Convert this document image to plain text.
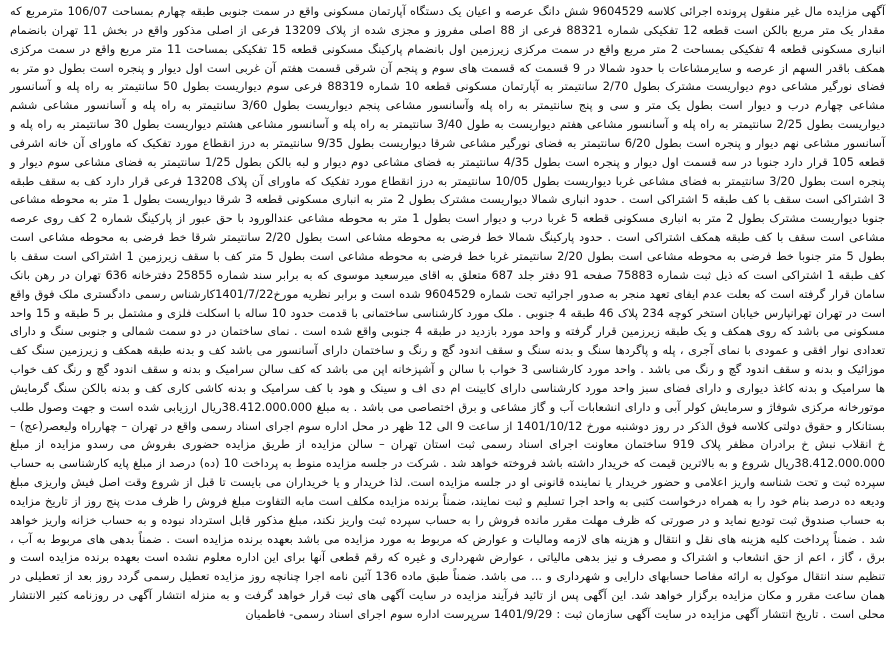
آگهی مزایده مال غیر منقول پرونده اجرائی کلاسه 9604529 شش دانگ عرصه و اعیان یک دستگاه آپارتمان مسکونی واقع در سمت جنوبی طبقه چهارم بمساحت 106/07 مترمربع که مقدار یک متر مربع بالکن است قطعه 12 تفکیکی شماره 88321 فرعی از 88 اصلی مفروز و مجزی شده از پلاک 13209 فرعی از اصلی مذکور واقع در بخش 11 تهران بانضمام انباری مسکونی قطعه 4 تفکیکی بمساحت 2 متر مربع واقع در سمت مرکزی زیرزمین اول بانضمام پارکینگ مسکونی قطعه 15 تفکیکی بمساحت 11 متر مربع واقع در سمت مرکزی همکف باقدر السهم از عرصه و سایرمشاعات با حدود شمالا در 9 قسمت که قسمت های سوم و پنجم آن شرقی قسمت هفتم آن غربی است اول دیوار و پنجره است بطول دو متر به فضای نورگیر مشاعی دوم دیواریست مشترک بطول 2/70 سانتیمتر به آپارتمان مسکونی قطعه 10 شماره 88319 فرعی سوم دیواریست بطول 50 سانتیمتر به راه پله و آسانسور مشاعی چهارم درب و دیوار است بطول یک متر و سی و پنج سانتیمتر به راه پله وآسانسور مشاعی پنجم دیواریست بطول 3/60 سانتیمتر به راه پله و آسانسور مشاعی ششم دیواریست بطول 2/25 سانتیمتر به راه پله و آسانسور مشاعی هفتم دیواریست به طول 3/40 سانتیمتر به راه پله و آسانسور مشاعی هشتم دیواریست بطول 30 سانتیمتر به راه پله و آسانسور مشاعی نهم دیوار و پنجره است بطول 6/20 سانتیمتر به فضای نورگیر مشاعی شرقا دیواریست بطول 9/35 سانتیمتر به درز انقطاع مورد تفکیک که ماورای آن خانه اشرفی قطعه 105 قرار دارد جنوبا در سه قسمت اول دیوار و پنجره است بطول 4/35 سانتیمتر به فضای مشاعی دوم دیوار و لبه بالکن بطول 1/25 سانتیمتر به فضای مشاعی سوم دیوار و پنجره است بطول 3/20 سانتیمتر به فضای مشاعی غربا دیواریست بطول 10/05 سانتیمتر به درز انقطاع مورد تفکیک که ماورای آن پلاک 13208 فرعی قرار دارد کف به سقف طبقه 3 اشتراکی است سقف با کف طبقه 5 اشتراکی است . حدود انباری شمالا دیواریست مشترک بطول 2 متر به انباری مسکونی قطعه 3 شرقا دیواریست بطول 1 متر به محوطه مشاعی جنوبا دیواریست مشترک بطول 2 متر به انباری مسکونی قطعه 5 غربا درب و دیوار است بطول 1 متر به محوطه مشاعی عندالورود با حق عبور از پارکینگ شماره 2 کف روی عرصه مشاعی است سقف با کف طبقه همکف اشتراکی است . حدود پارکینگ شمالا خط فرضی به محوطه مشاعی است بطول 2/20 سانتیمتر شرقا خط فرضی به محوطه مشاعی است بطول 5 متر جنوبا خط فرضی به محوطه مشاعی است بطول 2/20 سانتیمتر غربا خط فرضی به محوطه مشاعی است بطول 5 متر کف با سقف زیرزمین 1 اشتراکی است سقف با کف طبقه 1 اشتراکی است که ذیل ثبت شماره 75883 صفحه 91 دفتر جلد 687 متعلق به اقای میرسعید موسوی که به برابر سند شماره 25855 دفترخانه 636 تهران در رهن بانک سامان قرار گرفته است که بعلت عدم ایفای تعهد منجر به صدور اجرائیه تحت شماره 9604529 شده است و برابر نظریه مورخ1401/7/22کارشناس رسمی دادگستری ملک فوق واقع است در تهران تهرانپارس خیابان استخر کوچه 234 پلاک 46 طبقه 4 جنوبی . ملک مورد کارشناسی ساختمانی با قدمت حدود 10 ساله با اسکلت فلزی و مشتمل بر 5 طبقه و 15 واحد مسکونی می باشد که روی همکف و یک طبقه زیرزمین قرار گرفته و واحد مورد بازدید در طبقه 4 جنوبی واقع شده است . نمای ساختمان در دو سمت شمالی و جنوبی سنگ و دارای تعدادی نوار افقی و عمودی با نمای آجری ، پله و پاگردها سنگ و بدنه سنگ و سقف اندود گچ و رنگ و ساختمان دارای آسانسور می باشد کف و بدنه طبقه همکف و زیرزمین سنگ کف موزائیک و بدنه و سقف اندود گچ و رنگ می باشد . واحد مورد کارشناسی 3 خواب با سالن و آشپزخانه اپن می باشد که کف سالن سرامیک و بدنه و سقف اندود گچ و رنگ کف خواب ها سرامیک و بدنه کاغذ دیواری و دارای فضای سبز واحد مورد کارشناسی دارای کابینت ام دی اف و سینک و هود با کف سرامیک و بدنه کاشی کاری کف و بدنه بالکن سنگ گرمایش موتورخانه مرکزی شوفاژ و سرمایش کولر آبی و دارای انشعابات آب و گاز مشاعی و برق اختصاصی می باشد . به مبلغ 38.412.000.000ریال ارزیابی شده است و جهت وصول طلب بستانکار و حقوق دولتی کلاسه فوق الذکر در روز دوشنبه مورخ 1401/10/12 از ساعت 9 الی 12 ظهر در محل اداره سوم اجرای اسناد رسمی واقع در تهران – چهارراه ولیعصر(عج) –خ انقلاب نبش خ برادران مظفر پلاک 919 ساختمان معاونت اجرای اسناد رسمی ثبت استان تهران – سالن مزایده از طریق مزایده حضوری بفروش می رسدو مزایده از مبلغ 38.412.000.000ریال شروع و به بالاترین قیمت که خریدار داشته باشد فروخته خواهد شد . شرکت در جلسه مزایده منوط به پرداخت 10 (ده) درصد از مبلغ پایه کارشناسی به حساب سپرده ثبت و تحت شناسه واریز اعلامی و حضور خریدار یا نماینده قانونی او در جلسه مزایده است. لذا خریدار و یا خریداران می بایست تا قبل از شروع وقت اصل فیش واریزی مبلغ ودیعه ده درصد بنام خود را به همراه درخواست کتبی به واحد اجرا تسلیم و ثبت نمایند، ضمناً برنده مزایده مکلف است مابه التفاوت مبلغ فروش را ظرف مدت پنج روز از تاریخ مزایده به حساب صندوق ثبت تودیع نماید و در صورتی که ظرف مهلت مقرر مانده فروش را به حساب سپرده ثبت واریز نکند، مبلغ مذکور قابل استرداد نبوده و به حساب خزانه واریز خواهد شد . ضمناً پرداخت کلیه هزینه های نقل و انتقال و هزینه های لازمه ومالیات و عوارض که مربوط به مورد مزایده می باشد بعهده برنده مزایده است . ضمناً بدهی های مربوط به آب ، برق ، گاز ، اعم از حق انشعاب و اشتراک و مصرف و نیز بدهی مالیاتی ، عوارض شهرداری و غیره که رقم قطعی آنها برای این اداره معلوم نشده است بعهده برنده مزایده است و تنظیم سند انتقال موکول به ارائه مفاصا حسابهای دارایی و شهرداری و ... می باشد. ضمناً طبق ماده 136 آئین نامه اجرا چنانچه روز مزایده تعطیل رسمی گردد روز بعد از تعطیلی در همان ساعت مقرر و مکان مزایده برگزار خواهد شد. این آگهی پس از تائید فرآیند مزایده در سایت آگهی های ثبت قرار خواهد گرفت و به منزله انتشار آگهی در روزنامه کثیر الانتشار محلی است . تاریخ انتشار آگهی مزایده در سایت آگهی سازمان ثبت : 1401/9/29 سرپرست اداره سوم اجرای اسناد رسمی- فاطمیان
